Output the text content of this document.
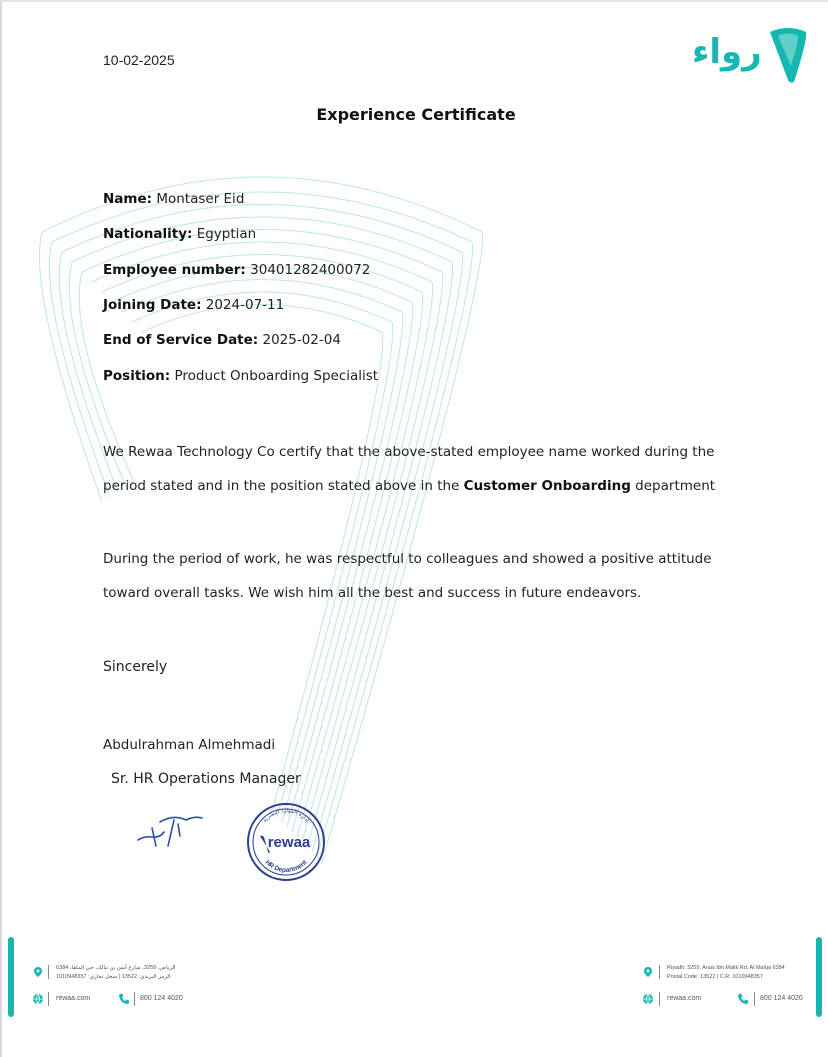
10-02-2025	رواء
Experience Certificate
Name: Montaser Eid
Nationality: Egyptian
Employee number: 30401282400072
Joining Date: 2024-07-11
End of Service Date: 2025-02-04
Position: Product Onboarding Specialist
We Rewaa Technology Co certify that the above-stated employee name worked during the
period stated and in the position stated above in the Customer Onboarding department
During the period of work, he was respectful to colleagues and showed a positive attitude
toward overall tasks. We wish him all the best and success in future endeavors.
Sincerely
Abdulrahman Almehmadi
Sr. HR Operations Manager
rewaa
HR Department
إدارة الموارد البشرية
الرياض، 3259، شارع أنس بن مالك، حي الملقا، 6384
الرمز البريدي: 13522 | سجل تجاري: 1010948357
rewaa.com	800 124 4020
Riyadh: 3259, Anas Ibn Malik Rd, Al Malqa 6384
Postal Code: 13522 | C.R: 1010948357
rewaa.com	800 124 4020
